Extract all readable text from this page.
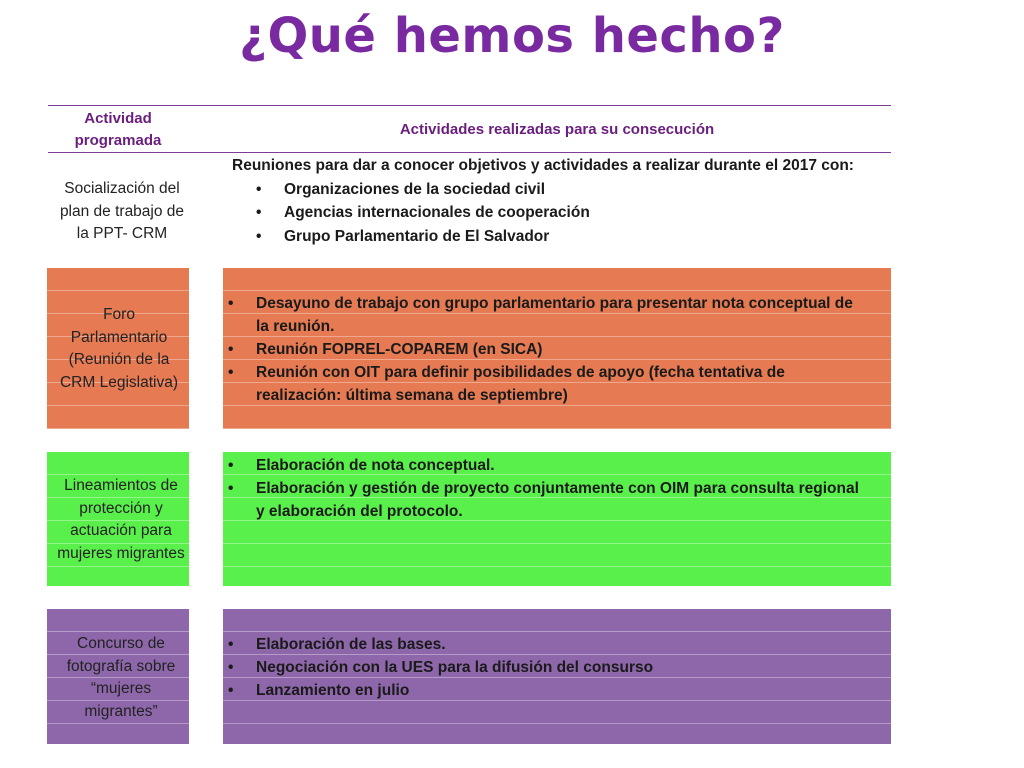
¿Qué hemos hecho?
Actividad programada
Actividades realizadas para su consecución
Socialización del plan de trabajo de la PPT- CRM
Reuniones para dar a conocer objetivos y actividades a realizar durante el 2017 con:
• Organizaciones de la sociedad civil
• Agencias internacionales de cooperación
• Grupo Parlamentario de El Salvador
Foro Parlamentario (Reunión de la CRM Legislativa)
• Desayuno de trabajo con grupo parlamentario para presentar nota conceptual de la reunión.
• Reunión FOPREL-COPAREM (en SICA)
• Reunión con OIT para definir posibilidades de apoyo (fecha tentativa de realización: última semana de septiembre)
Lineamientos de protección y actuación para mujeres migrantes
• Elaboración de nota conceptual.
• Elaboración y gestión de proyecto conjuntamente con OIM para consulta regional y elaboración del protocolo.
Concurso de fotografía sobre “mujeres migrantes”
• Elaboración de las bases.
• Negociación con la UES para la difusión del consurso
• Lanzamiento en julio
